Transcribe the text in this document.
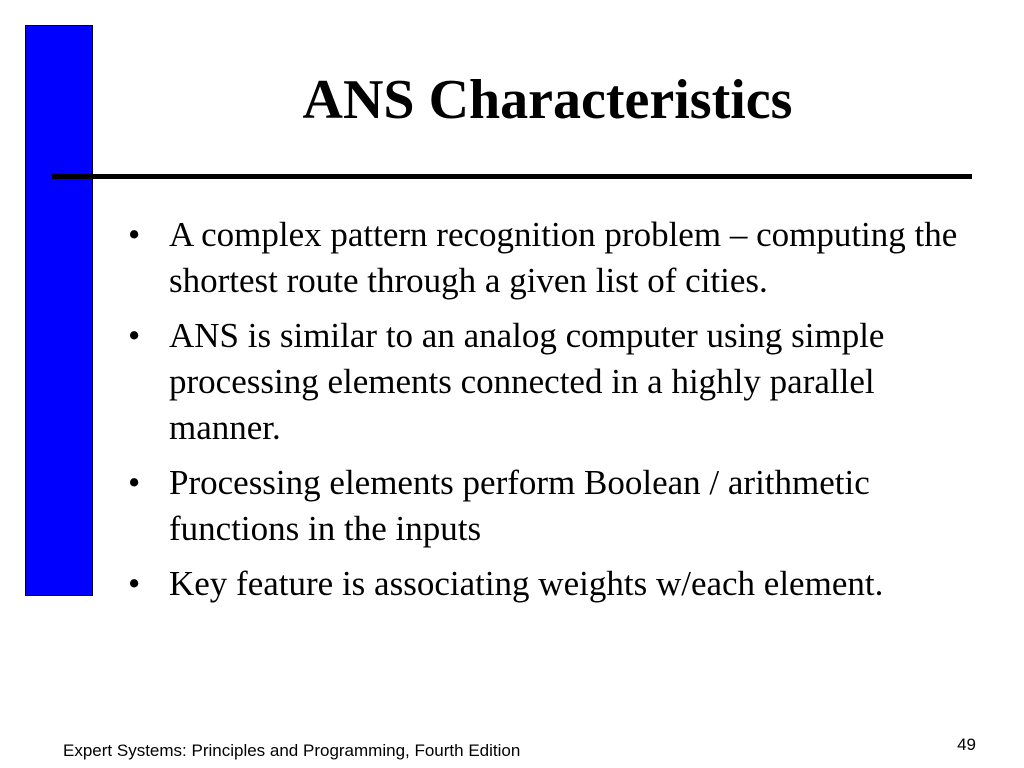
ANS Characteristics
• A complex pattern recognition problem – computing the shortest route through a given list of cities.
• ANS is similar to an analog computer using simple processing elements connected in a highly parallel manner.
• Processing elements perform Boolean / arithmetic functions in the inputs
• Key feature is associating weights w/each element.
Expert Systems: Principles and Programming, Fourth Edition	49
